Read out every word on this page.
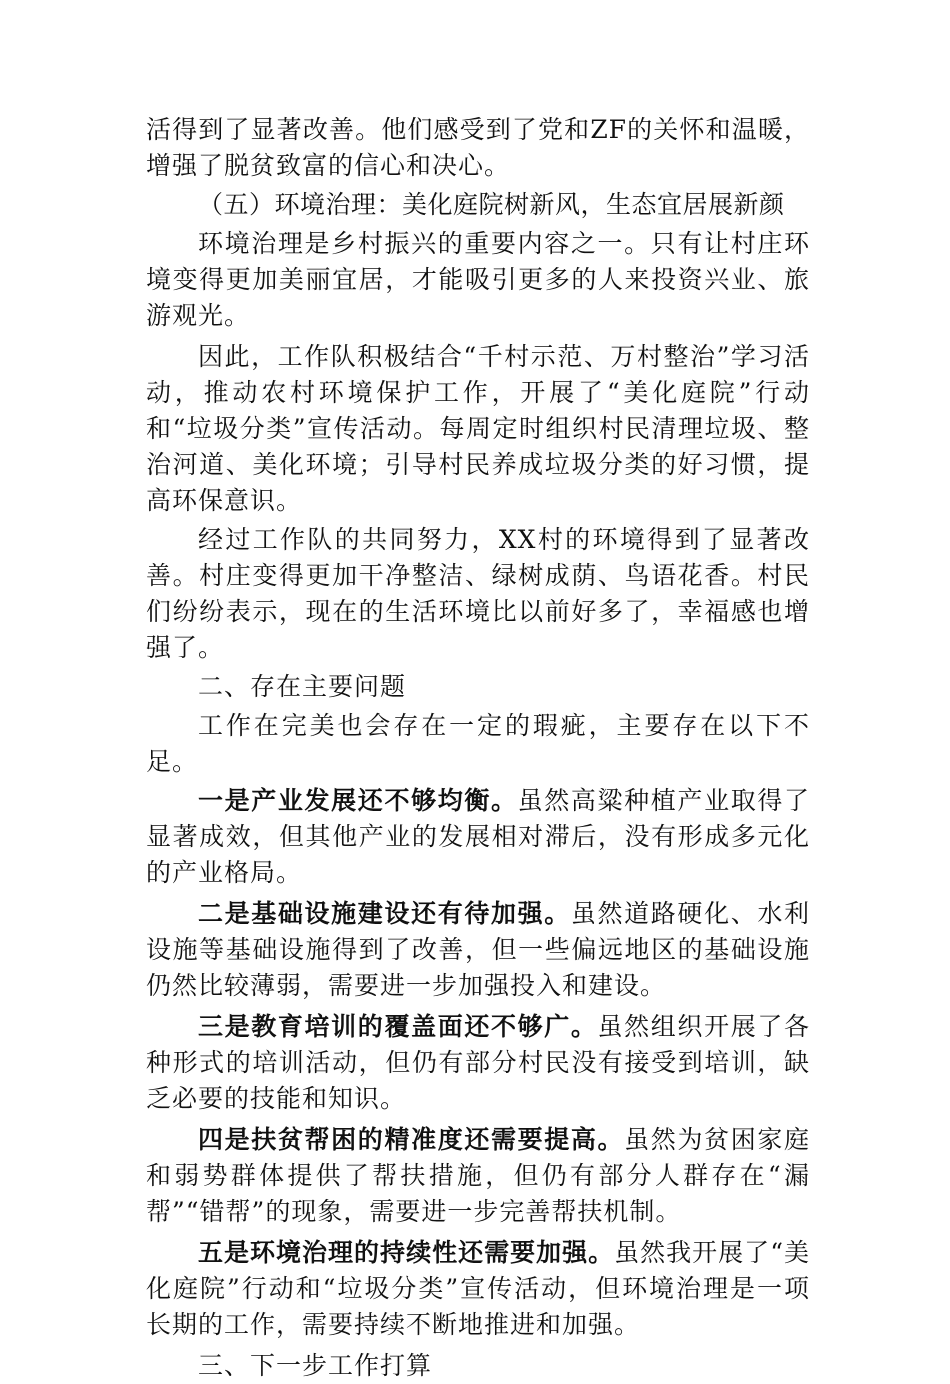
活得到了显著改善。他们感受到了党和ZF的关怀和温暖，增强了脱贫致富的信心和决心。

（五）环境治理：美化庭院树新风，生态宜居展新颜

环境治理是乡村振兴的重要内容之一。只有让村庄环境变得更加美丽宜居，才能吸引更多的人来投资兴业、旅游观光。

因此，工作队积极结合“千村示范、万村整治”学习活动，推动农村环境保护工作，开展了“美化庭院”行动和“垃圾分类”宣传活动。每周定时组织村民清理垃圾、整治河道、美化环境；引导村民养成垃圾分类的好习惯，提高环保意识。

经过工作队的共同努力，XX村的环境得到了显著改善。村庄变得更加干净整洁、绿树成荫、鸟语花香。村民们纷纷表示，现在的生活环境比以前好多了，幸福感也增强了。

二、存在主要问题

工作在完美也会存在一定的瑕疵，主要存在以下不足。

一是产业发展还不够均衡。虽然高粱种植产业取得了显著成效，但其他产业的发展相对滞后，没有形成多元化的产业格局。

二是基础设施建设还有待加强。虽然道路硬化、水利设施等基础设施得到了改善，但一些偏远地区的基础设施仍然比较薄弱，需要进一步加强投入和建设。

三是教育培训的覆盖面还不够广。虽然组织开展了各种形式的培训活动，但仍有部分村民没有接受到培训，缺乏必要的技能和知识。

四是扶贫帮困的精准度还需要提高。虽然为贫困家庭和弱势群体提供了帮扶措施，但仍有部分人群存在“漏帮”“错帮”的现象，需要进一步完善帮扶机制。

五是环境治理的持续性还需要加强。虽然我开展了“美化庭院”行动和“垃圾分类”宣传活动，但环境治理是一项长期的工作，需要持续不断地推进和加强。

三、下一步工作打算
